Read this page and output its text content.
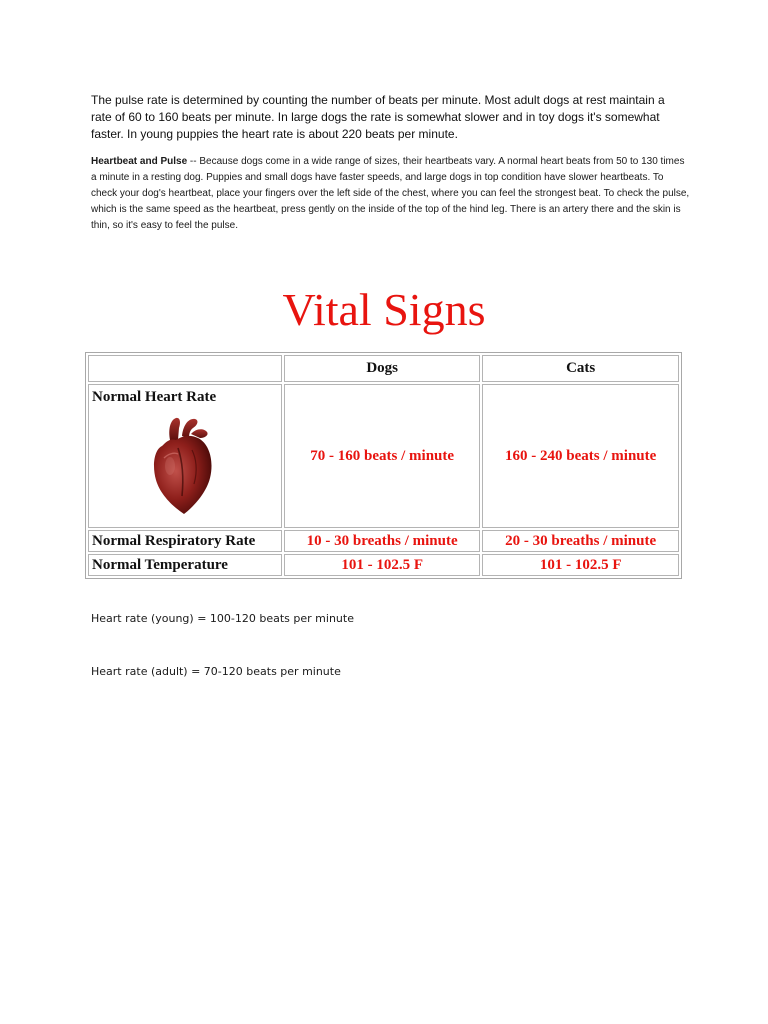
The pulse rate is determined by counting the number of beats per minute. Most adult dogs at rest maintain a rate of 60 to 160 beats per minute. In large dogs the rate is somewhat slower and in toy dogs it's somewhat faster. In young puppies the heart rate is about 220 beats per minute.

Heartbeat and Pulse -- Because dogs come in a wide range of sizes, their heartbeats vary. A normal heart beats from 50 to 130 times a minute in a resting dog. Puppies and small dogs have faster speeds, and large dogs in top condition have slower heartbeats. To check your dog's heartbeat, place your fingers over the left side of the chest, where you can feel the strongest beat. To check the pulse, which is the same speed as the heartbeat, press gently on the inside of the top of the hind leg. There is an artery there and the skin is thin, so it's easy to feel the pulse.

Vital Signs
	Dogs	Cats

Normal Heart Rate	70 - 160 beats / minute	160 - 240 beats / minute
Normal Respiratory Rate	10 - 30 breaths / minute	20 - 30 breaths / minute
Normal Temperature	101 - 102.5 F	101 - 102.5 F

Heart rate (young) = 100-120 beats per minute

Heart rate (adult) = 70-120 beats per minute
